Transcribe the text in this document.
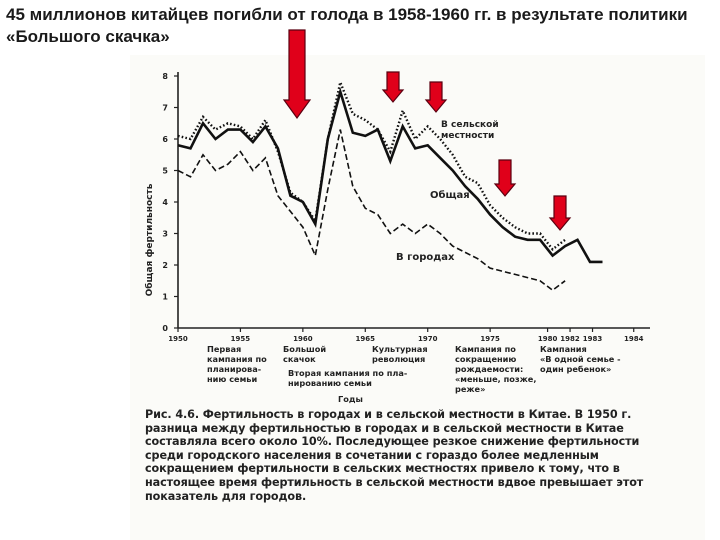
45 миллионов китайцев погибли от голода в 1958-1960 гг. в результате политики «Большого скачка»
0
1
2
3
4
5
6
7
8
Общая фертильность
1950	1955	1960	1965	1970	1975	1980 1982 1983	1984
В сельской местности
Общая
В городах
Первая кампания по планирова-нию семьи
Большой скачок
Вторая кампания по пла-нированию семьи
Культурная революция
Кампания по сокращению рождаемости: «меньше, позже, реже»
Кампания «В одной семье -один ребенок»
Годы

Рис. 4.6. Фертильность в городах и в сельской местности в Китае. В 1950 г. разница между фертильностью в городах и в сельской местности в Китае составляла всего около 10%. Последующее резкое снижение фертильности среди городского населения в сочетании с гораздо более медленным сокращением фертильности в сельских местностях привело к тому, что в настоящее время фертильность в сельской местности вдвое превышает этот показатель для городов.
